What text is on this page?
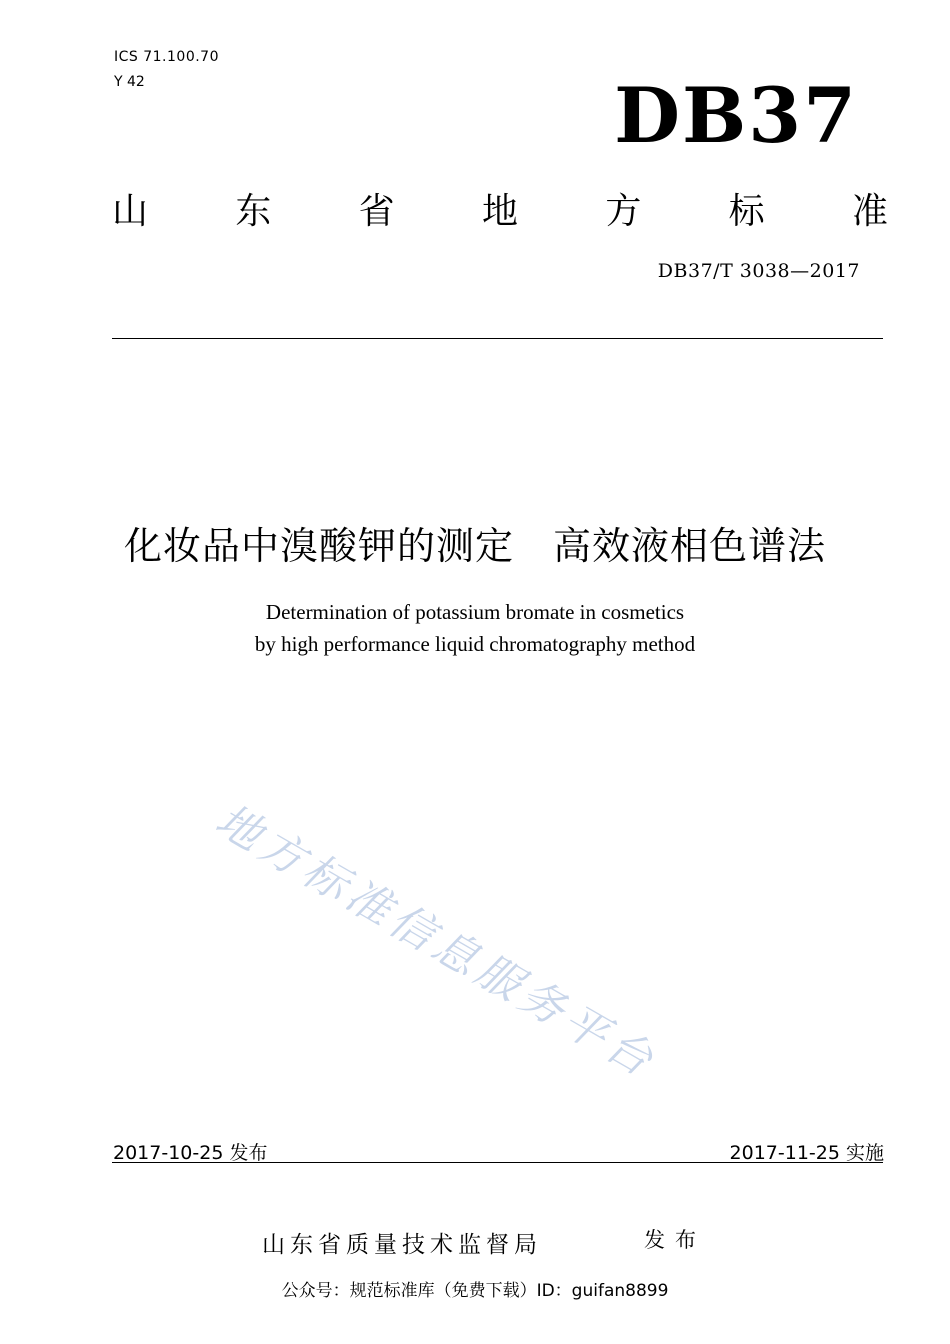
ICS 71.100.70
Y 42	DB37
山 东 省 地 方 标 准
DB37/T 3038—2017
化妆品中溴酸钾的测定　高效液相色谱法
Determination of potassium bromate in cosmetics
by high performance liquid chromatography method
地方标准信息服务平台
2017-10-25 发布	2017-11-25 实施
山东省质量技术监督局	发布
公众号：规范标准库（免费下载）ID：guifan8899
